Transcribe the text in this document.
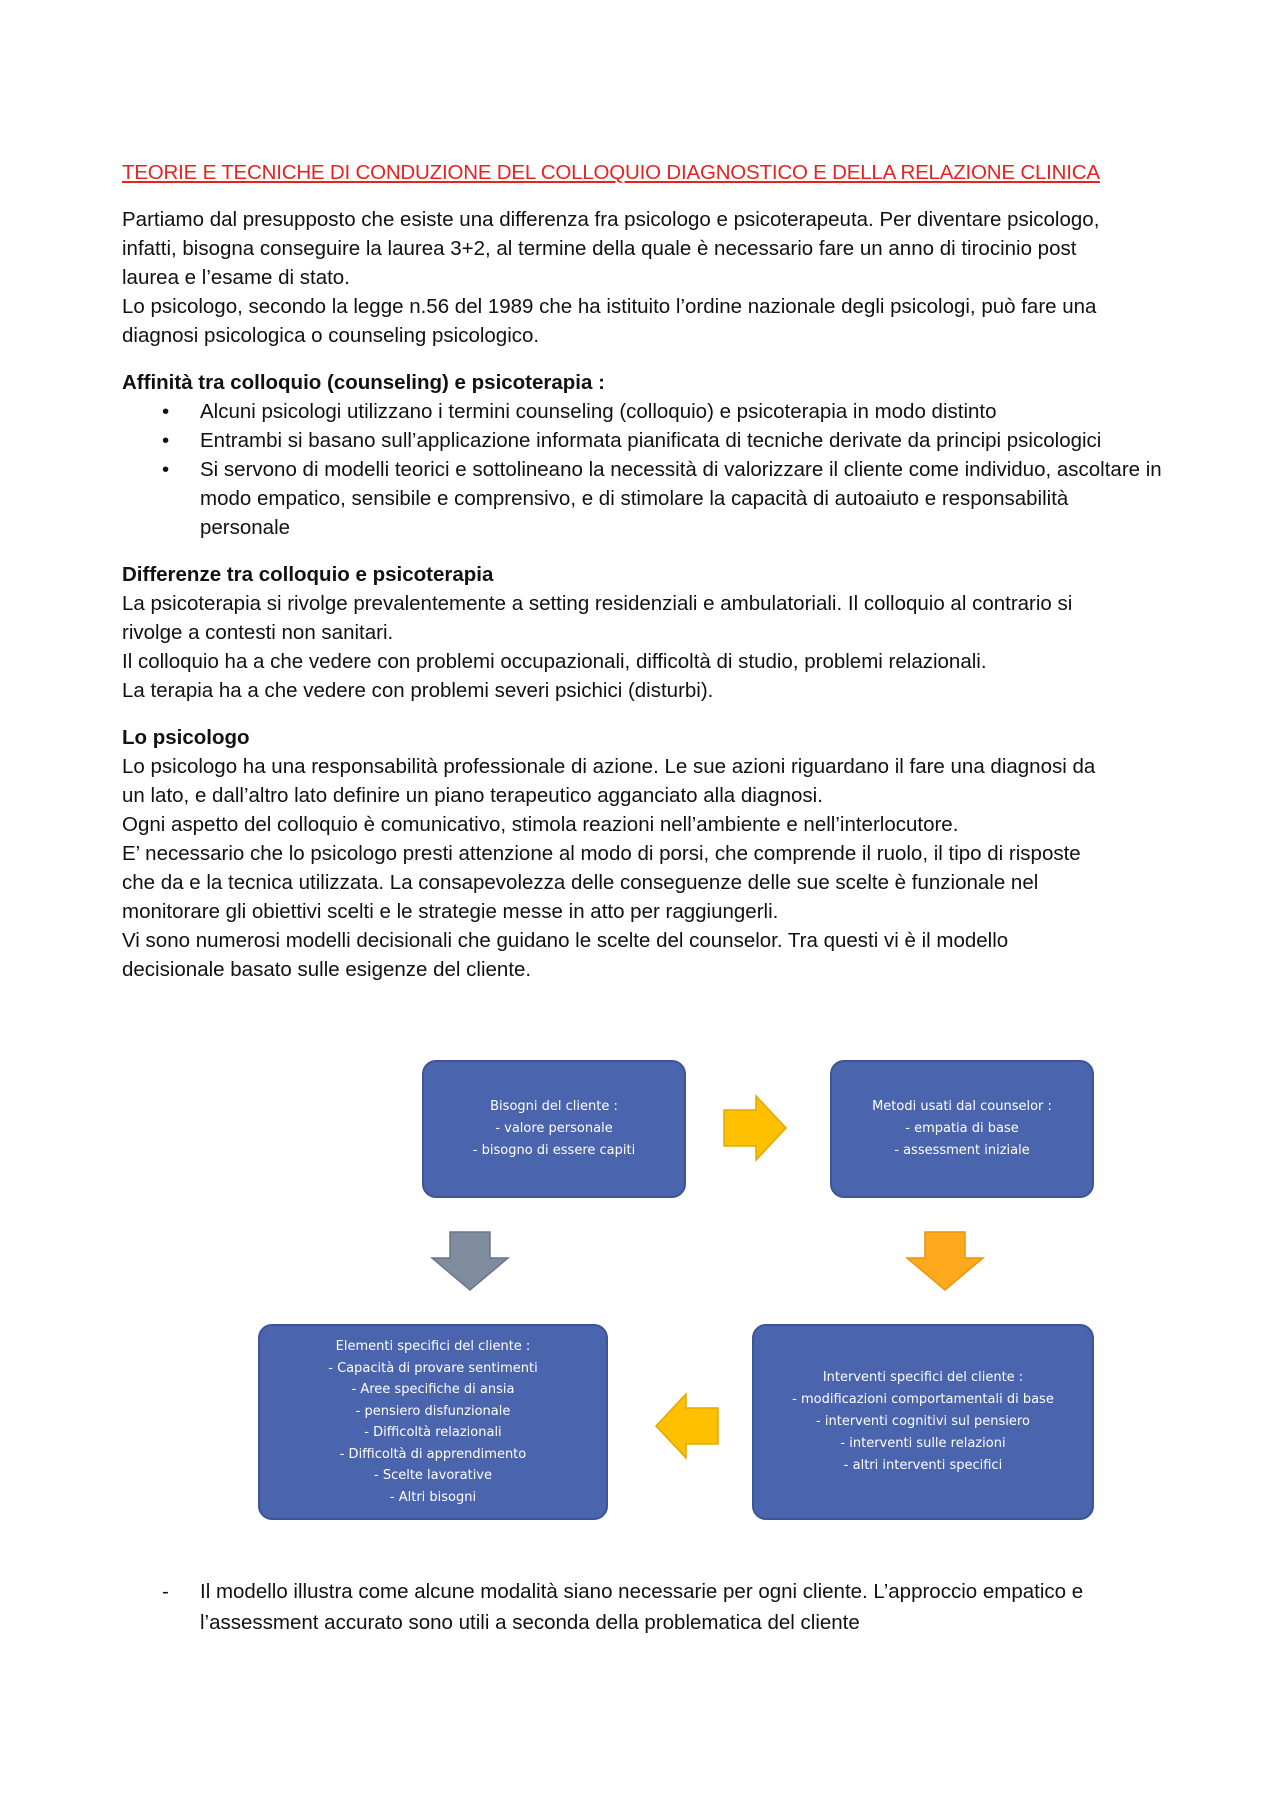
TEORIE E TECNICHE DI CONDUZIONE DEL COLLOQUIO DIAGNOSTICO E DELLA RELAZIONE CLINICA

Partiamo dal presupposto che esiste una differenza fra psicologo e psicoterapeuta. Per diventare psicologo,

infatti, bisogna conseguire la laurea 3+2, al termine della quale è necessario fare un anno di tirocinio post

laurea e l’esame di stato.

Lo psicologo, secondo la legge n.56 del 1989 che ha istituito l’ordine nazionale degli psicologi, può fare una

diagnosi psicologica o counseling psicologico.

Affinità tra colloquio (counseling) e psicoterapia :

• Alcuni psicologi utilizzano i termini counseling (colloquio) e psicoterapia in modo distinto
• Entrambi si basano sull’applicazione informata pianificata di tecniche derivate da principi psicologici
• Si servono di modelli teorici e sottolineano la necessità di valorizzare il cliente come individuo, ascoltare in modo empatico, sensibile e comprensivo, e di stimolare la capacità di autoaiuto e responsabilità personale

Differenze tra colloquio e psicoterapia

La psicoterapia si rivolge prevalentemente a setting residenziali e ambulatoriali. Il colloquio al contrario si

rivolge a contesti non sanitari.

Il colloquio ha a che vedere con problemi occupazionali, difficoltà di studio, problemi relazionali.

La terapia ha a che vedere con problemi severi psichici (disturbi).

Lo psicologo

Lo psicologo ha una responsabilità professionale di azione. Le sue azioni riguardano il fare una diagnosi da

un lato, e dall’altro lato definire un piano terapeutico agganciato alla diagnosi.

Ogni aspetto del colloquio è comunicativo, stimola reazioni nell’ambiente e nell’interlocutore.

E’ necessario che lo psicologo presti attenzione al modo di porsi, che comprende il ruolo, il tipo di risposte

che da e la tecnica utilizzata. La consapevolezza delle conseguenze delle sue scelte è funzionale nel

monitorare gli obiettivi scelti e le strategie messe in atto per raggiungerli.

Vi sono numerosi modelli decisionali che guidano le scelte del counselor. Tra questi vi è il modello

decisionale basato sulle esigenze del cliente.

Bisogni del cliente :
- valore personale
- bisogno di essere capiti
Metodi usati dal counselor :
- empatia di base
- assessment iniziale
Elementi specifici del cliente :
- Capacità di provare sentimenti
- Aree specifiche di ansia
- pensiero disfunzionale
- Difficoltà relazionali
- Difficoltà di apprendimento
- Scelte lavorative
- Altri bisogni
Interventi specifici del cliente :
- modificazioni comportamentali di base
- interventi cognitivi sul pensiero
- interventi sulle relazioni
- altri interventi specifici
- Il modello illustra come alcune modalità siano necessarie per ogni cliente. L’approccio empatico e

l’assessment accurato sono utili a seconda della problematica del cliente
